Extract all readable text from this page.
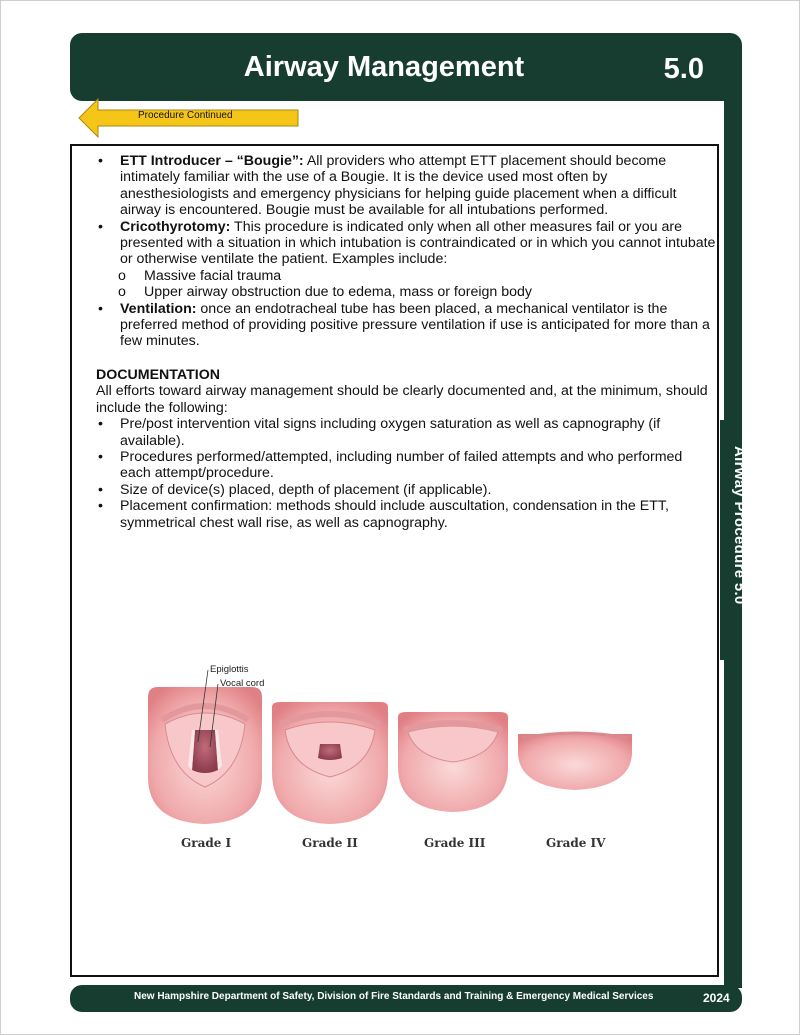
Airway Procedure 5.0
Airway Management	5.0
Procedure Continued
• ETT Introducer – “Bougie”: All providers who attempt ETT placement should become intimately familiar with the use of a Bougie. It is the device used most often by anesthesiologists and emergency physicians for helping guide placement when a difficult airway is encountered. Bougie must be available for all intubations performed.
• Cricothyrotomy: This procedure is indicated only when all other measures fail or you are presented with a situation in which intubation is contraindicated or in which you cannot intubate or otherwise ventilate the patient. Examples include:
o Massive facial trauma
o Upper airway obstruction due to edema, mass or foreign body
• Ventilation: once an endotracheal tube has been placed, a mechanical ventilator is the preferred method of providing positive pressure ventilation if use is anticipated for more than a few minutes.
DOCUMENTATION
All efforts toward airway management should be clearly documented and, at the minimum, should include the following:
• Pre/post intervention vital signs including oxygen saturation as well as capnography (if available).
• Procedures performed/attempted, including number of failed attempts and who performed each attempt/procedure.
• Size of device(s) placed, depth of placement (if applicable).
• Placement confirmation: methods should include auscultation, condensation in the ETT, symmetrical chest wall rise, as well as capnography.
Epiglottis
Vocal cord
Grade I	Grade II	Grade III	Grade IV
New Hampshire Department of Safety, Division of Fire Standards and Training & Emergency Medical Services	2024
